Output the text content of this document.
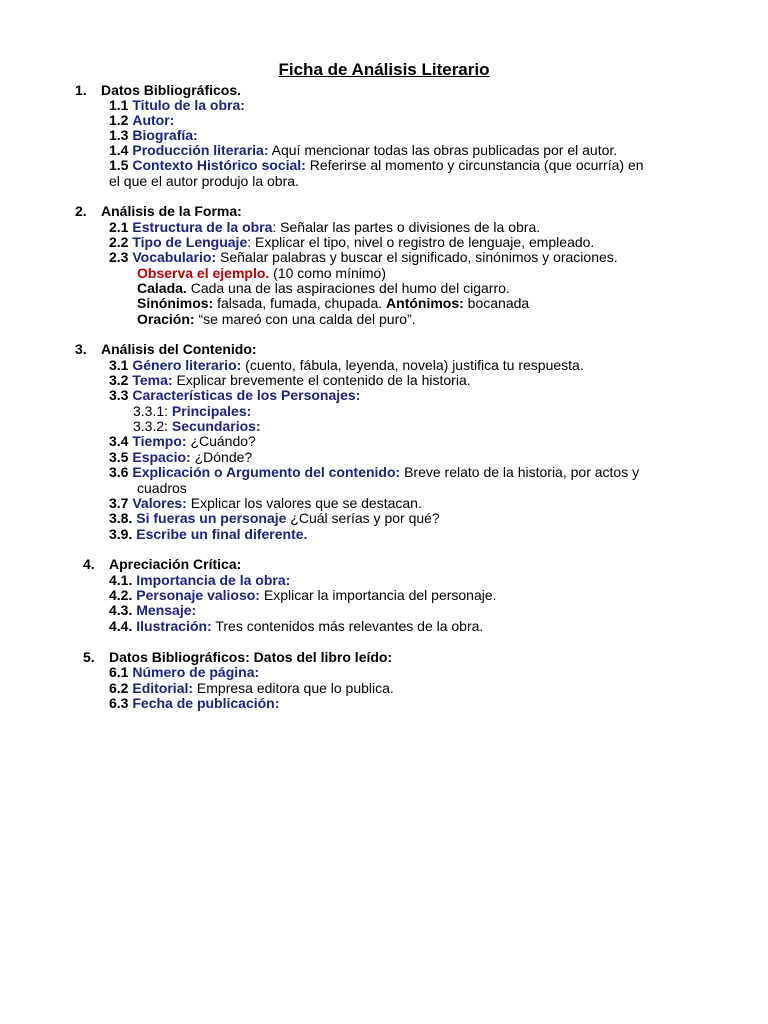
Ficha de Análisis Literario
1. Datos Bibliográficos.
1.1 Titulo de la obra:
1.2 Autor:
1.3 Biografía:
1.4 Producción literaria: Aquí mencionar todas las obras publicadas por el autor.
1.5 Contexto Histórico social: Referirse al momento y circunstancia (que ocurría) en
el que el autor produjo la obra.
2. Análisis de la Forma:
2.1 Estructura de la obra: Señalar las partes o divisiones de la obra.
2.2 Tipo de Lenguaje: Explicar el tipo, nivel o registro de lenguaje, empleado.
2.3 Vocabulario: Señalar palabras y buscar el significado, sinónimos y oraciones.
Observa el ejemplo. (10 como mínimo)
Calada. Cada una de las aspiraciones del humo del cigarro.
Sinónimos: falsada, fumada, chupada. Antónimos: bocanada
Oración: “se mareó con una calda del puro”.
3. Análisis del Contenido:
3.1 Género literario: (cuento, fábula, leyenda, novela) justifica tu respuesta.
3.2 Tema: Explicar brevemente el contenido de la historia.
3.3 Características de los Personajes:
3.3.1: Principales:
3.3.2: Secundarios:
3.4 Tiempo: ¿Cuándo?
3.5 Espacio: ¿Dónde?
3.6 Explicación o Argumento del contenido: Breve relato de la historia, por actos y
cuadros
3.7 Valores: Explicar los valores que se destacan.
3.8. Si fueras un personaje ¿Cuál serías y por qué?
3.9. Escribe un final diferente.
4. Apreciación Crítica:
4.1. Importancia de la obra:
4.2. Personaje valioso: Explicar la importancia del personaje.
4.3. Mensaje:
4.4. Ilustración: Tres contenidos más relevantes de la obra.
5. Datos Bibliográficos: Datos del libro leído:
6.1 Número de página:
6.2 Editorial: Empresa editora que lo publica.
6.3 Fecha de publicación:
